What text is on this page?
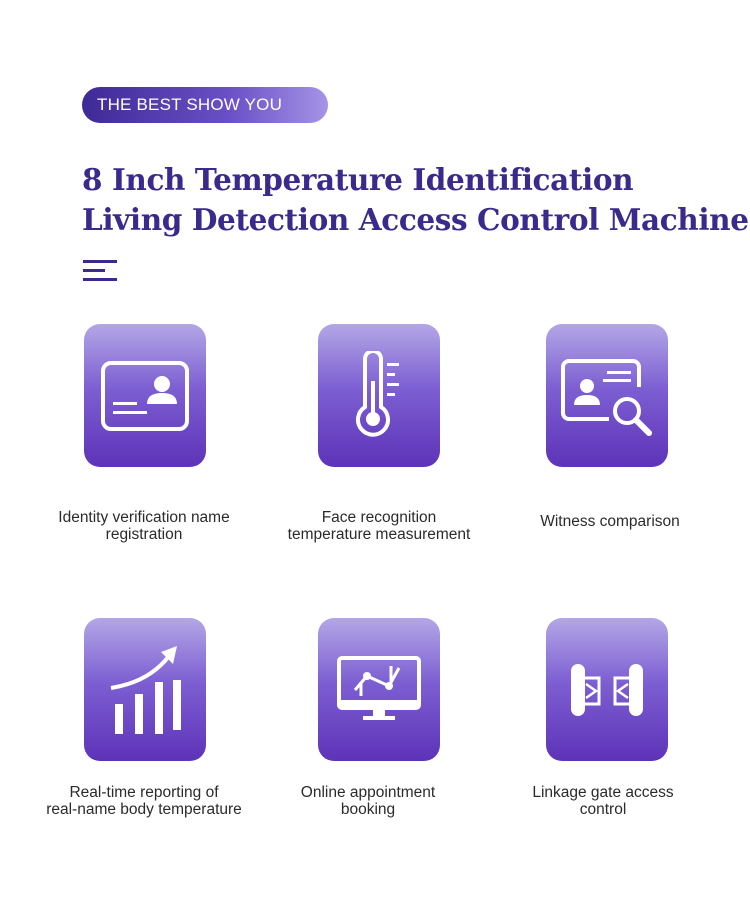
THE BEST SHOW YOU
8 Inch Temperature Identification
Living Detection Access Control Machine
Identity verification name
registration
Face recognition
temperature measurement
Witness comparison
Real-time reporting of
real-name body temperature
Online appointment
booking
Linkage gate access
control
